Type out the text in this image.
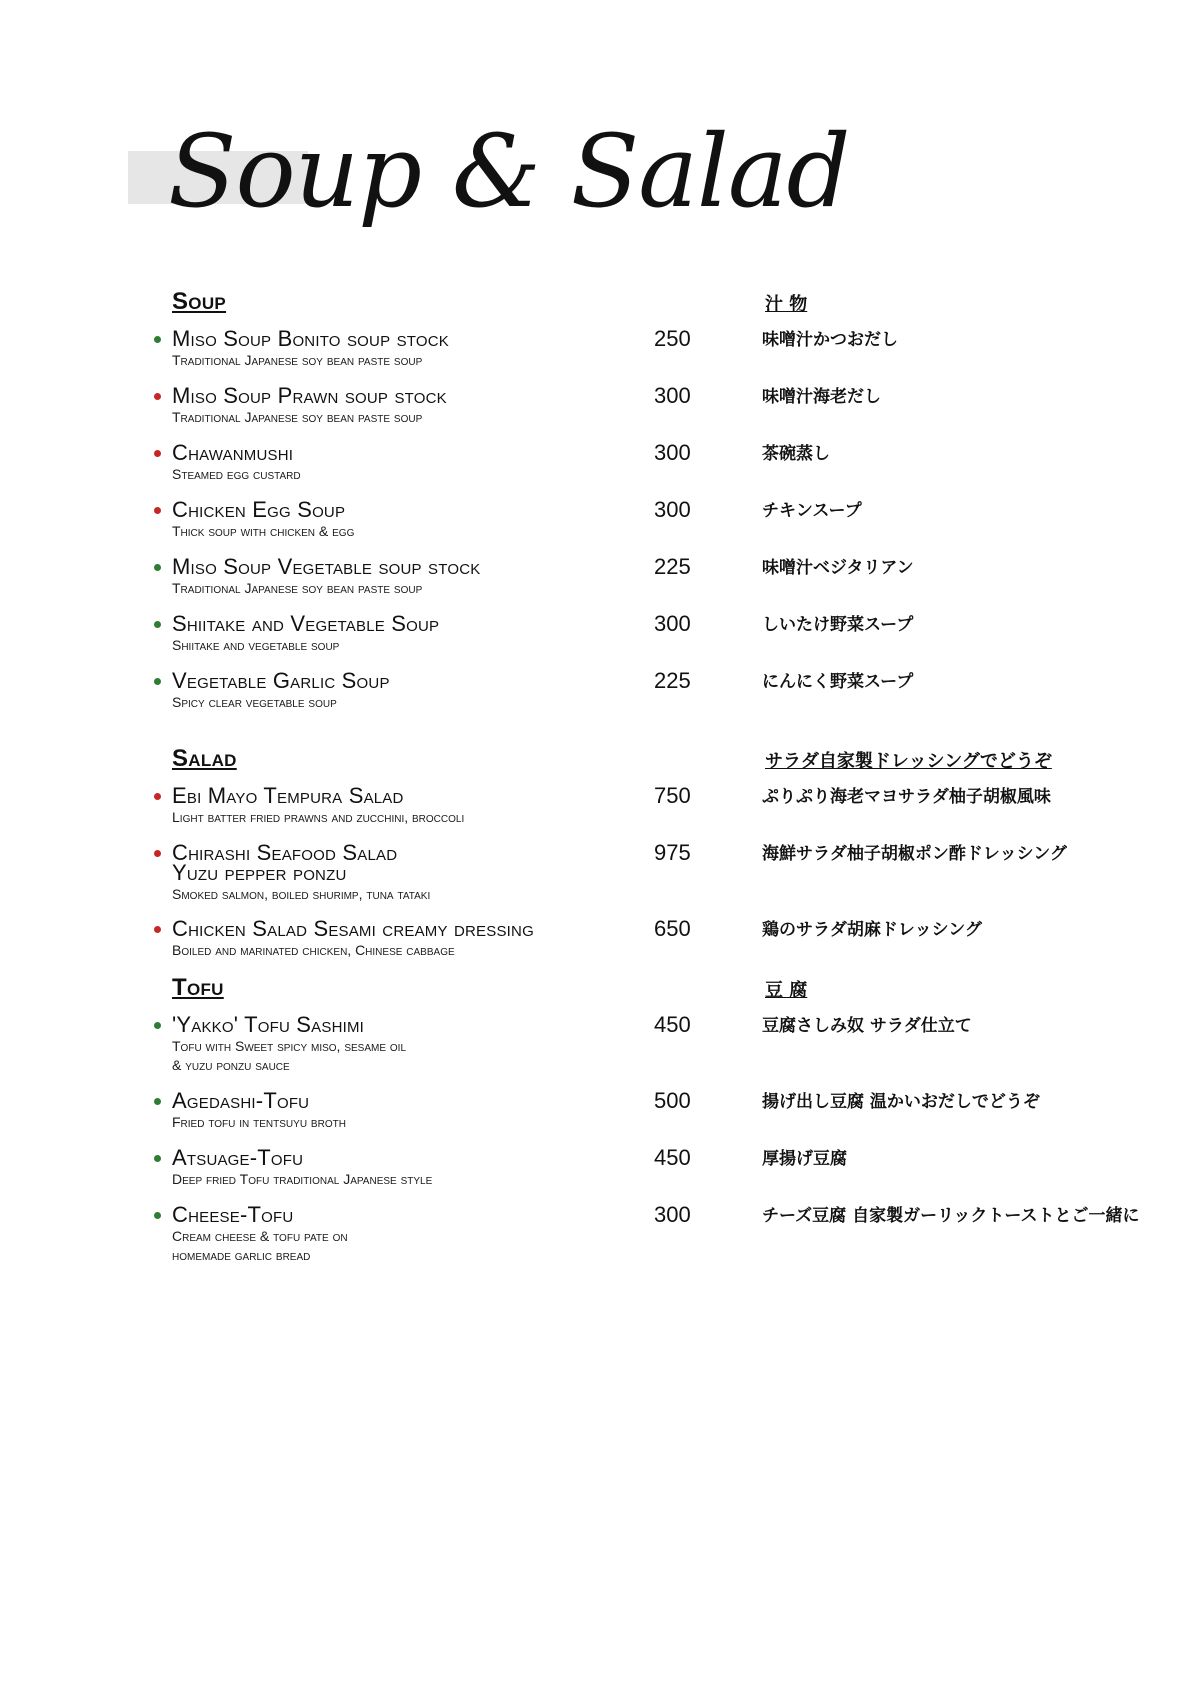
Soup & Salad
Soup	汁 物
Miso Soup Bonito soup stock
Traditional Japanese soy bean paste soup
250	味噌汁かつおだし
Miso Soup Prawn soup stock
Traditional Japanese soy bean paste soup
300	味噌汁海老だし
Chawanmushi
Steamed egg custard
300	茶碗蒸し
Chicken Egg Soup
Thick soup with chicken & egg
300	チキンスープ
Miso Soup Vegetable soup stock
Traditional Japanese soy bean paste soup
225	味噌汁ベジタリアン
Shiitake and Vegetable Soup
Shiitake and vegetable soup
300	しいたけ野菜スープ
Vegetable Garlic Soup
Spicy clear vegetable soup
225	にんにく野菜スープ
Salad	サラダ自家製ドレッシングでどうぞ
Ebi Mayo Tempura Salad
Light batter fried prawns and zucchini, broccoli
750	ぷりぷり海老マヨサラダ柚子胡椒風味
Chirashi Seafood Salad
Yuzu pepper ponzu
Smoked salmon, boiled shurimp, tuna tataki
975	海鮮サラダ柚子胡椒ポン酢ドレッシング
Chicken Salad Sesami creamy dressing
Boiled and marinated chicken, Chinese cabbage
650	鶏のサラダ胡麻ドレッシング
Tofu	豆 腐
'Yakko' Tofu Sashimi
Tofu with Sweet spicy miso, sesame oil
& yuzu ponzu sauce
450	豆腐さしみ奴 サラダ仕立て
Agedashi-Tofu
Fried tofu in tentsuyu broth
500	揚げ出し豆腐 温かいおだしでどうぞ
Atsuage-Tofu
Deep fried Tofu traditional Japanese style
450	厚揚げ豆腐
Cheese-Tofu
Cream cheese & tofu pate on
homemade garlic bread
300	チーズ豆腐 自家製ガーリックトーストとご一緒に
